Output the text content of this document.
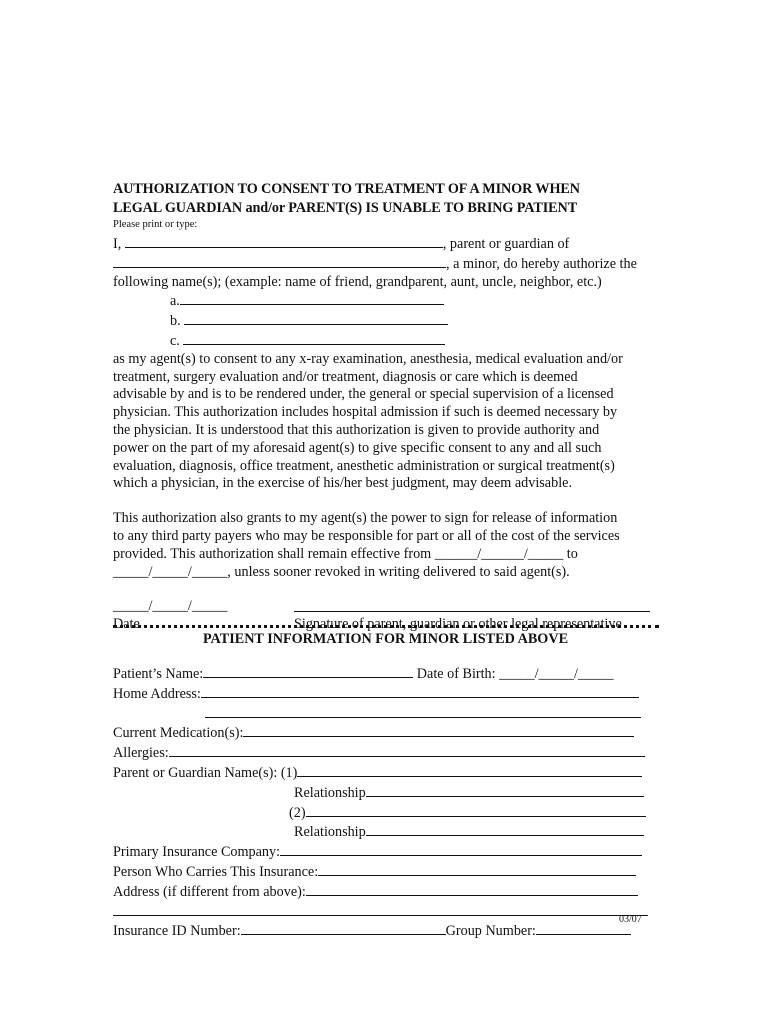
AUTHORIZATION TO CONSENT TO TREATMENT OF A MINOR WHEN

LEGAL GUARDIAN and/or PARENT(S) IS UNABLE TO BRING PATIENT

Please print or type:

I,	, parent or guardian of
, a minor, do hereby authorize the
following name(s); (example: name of friend, grandparent, aunt, uncle, neighbor, etc.)
a.
b.
c.

as my agent(s) to consent to any x-ray examination, anesthesia, medical evaluation and/or

treatment, surgery evaluation and/or treatment, diagnosis or care which is deemed

advisable by and is to be rendered under, the general or special supervision of a licensed

physician. This authorization includes hospital admission if such is deemed necessary by

the physician. It is understood that this authorization is given to provide authority and

power on the part of my aforesaid agent(s) to give specific consent to any and all such

evaluation, diagnosis, office treatment, anesthetic administration or surgical treatment(s)

which a physician, in the exercise of his/her best judgment, may deem advisable.

This authorization also grants to my agent(s) the power to sign for release of information

to any third party payers who may be responsible for part or all of the cost of the services

provided. This authorization shall remain effective from ______/______/_____ to

_____/_____/_____, unless sooner revoked in writing delivered to said agent(s).

_____/_____/_____
Date	Signature of parent, guardian or other legal representative

PATIENT INFORMATION FOR MINOR LISTED ABOVE

Patient’s Name:	Date of Birth: _____/_____/_____
Home Address:
Current Medication(s):
Allergies:
Parent or Guardian Name(s): (1)
Relationship
(2)
Relationship
Primary Insurance Company:
Person Who Carries This Insurance:
Address (if different from above):
Insurance ID Number:	Group Number:
03/07
